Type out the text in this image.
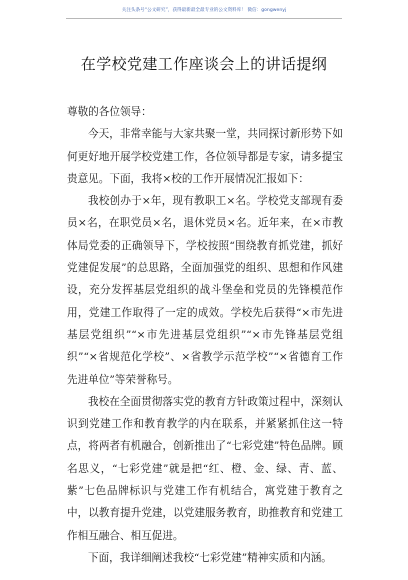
关注头条号“公文研究”，获得最新最全最专业的公文资料库！ 微信：gongwenyj
在学校党建工作座谈会上的讲话提纲

尊敬的各位领导：

今天，非常幸能与大家共聚一堂，共同探讨新形势下如何更好地开展学校党建工作，各位领导都是专家，请多提宝贵意见。下面，我将×校的工作开展情况汇报如下：

我校创办于×年，现有教职工×名。学校党支部现有委员×名，在职党员×名，退休党员×名。近年来，在×市教体局党委的正确领导下，学校按照“围绕教育抓党建，抓好党建促发展”的总思路，全面加强党的组织、思想和作风建设，充分发挥基层党组织的战斗堡垒和党员的先锋模范作用，党建工作取得了一定的成效。学校先后获得“×市先进基层党组织”“×市先进基层党组织”“×市先锋基层党组织”“×省规范化学校”、×省教学示范学校”“×省德育工作先进单位”等荣誉称号。

我校在全面贯彻落实党的教育方针政策过程中，深刻认识到党建工作和教育教学的内在联系，并紧紧抓住这一特点，将两者有机融合，创新推出了“七彩党建”特色品牌。顾名思义，“七彩党建”就是把“红、橙、金、绿、青、蓝、紫”七色品牌标识与党建工作有机结合，寓党建于教育之中，以教育提升党建，以党建服务教育，助推教育和党建工作相互融合、相互促进。

下面，我详细阐述我校“七彩党建”精神实质和内涵。
